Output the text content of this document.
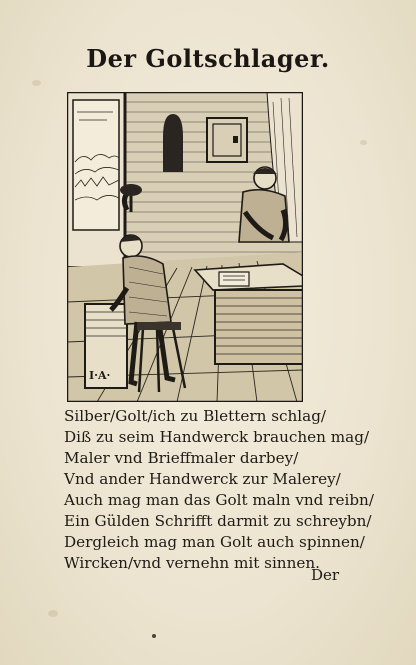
Der Goltschlager.
I·A·
Silber/Golt/ich zu Blettern schlag/
Diß zu seim Handwerck brauchen mag/
Maler vnd Brieffmaler darbey/
Vnd ander Handwerck zur Malerey/
Auch mag man das Golt maln vnd reibn/
Ein Gülden Schrifft darmit zu schreybn/
Dergleich mag man Golt auch spinnen/
Wircken/vnd vernehn mit sinnen.
Der
